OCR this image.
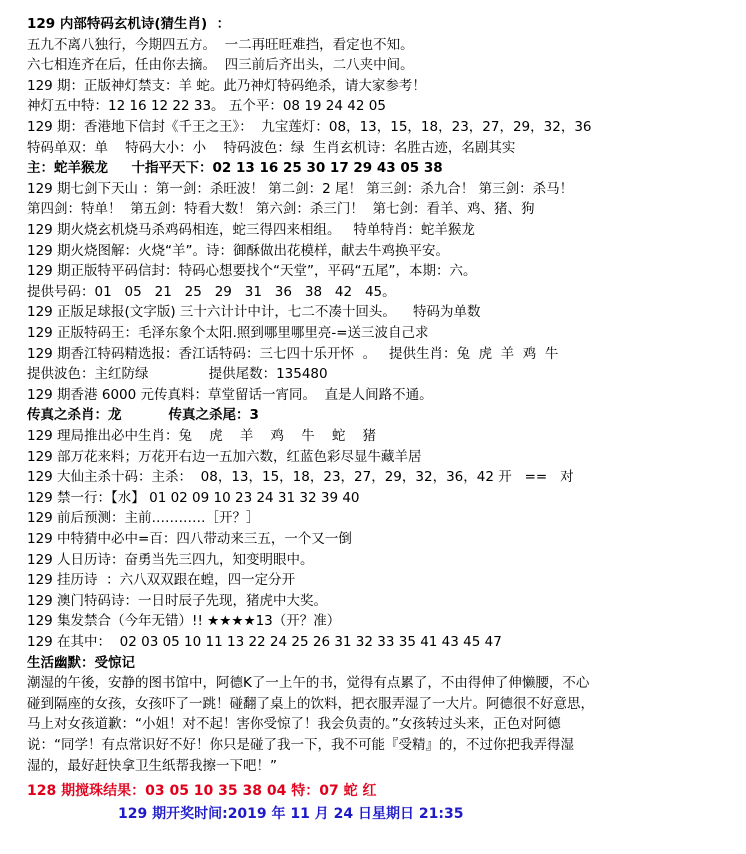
129 内部特码玄机诗(猜生肖)  ：
五九不离八独行，今期四五方。  一二再旺旺难挡，看定也不知。
六七相连齐在后，任由你去摘。  四三前后齐出头，二八夹中间。
129 期：正版神灯禁支：羊 蛇。此乃神灯特码绝杀，请大家参考！
神灯五中特：12 16 12 22 33。 五个平：08 19 24 42 05
129 期：香港地下信封《千王之王》：  九宝莲灯：08，13，15，18，23，27，29，32，36
特码单双：单    特码大小：小    特码波色：绿  生肖玄机诗：名胜古迹，名剧其实
主：蛇羊猴龙     十指平天下：02 13 16 25 30 17 29 43 05 38
129 期七剑下天山 ：第一剑：杀旺波！ 第二剑：2 尾！ 第三剑：杀九合！ 第三剑：杀马！
第四剑：特单！  第五剑：特看大数！ 第六剑：杀三门！  第七剑：看羊、鸡、猪、狗
129 期火烧玄机烧马杀鸡码相连，蛇三得四来相组。   特单特肖：蛇羊猴龙
129 期火烧图解：火烧“羊”。诗：御酥做出花模样，献去牛鸡换平安。
129 期正版特平码信封：特码心想要找个“天堂”，平码“五尾”，本期：六。
提供号码：01   05   21   25   29   31   36   38   42   45。
129 正版足球报(文字版) 三十六计计中计，七二不凑十回头。    特码为单数
129 正版特码王：毛泽东象个太阳.照到哪里哪里亮-=送三波自己求
129 期香江特码精选报：香江话特码：三七四十乐开怀  。   提供生肖：兔  虎  羊  鸡  牛
提供波色：主红防绿              提供尾数：135480
129 期香港 6000 元传真料：草堂留话一宵同。  直是人间路不通。
传真之杀肖：龙          传真之杀尾：3
129 理局推出必中生肖：兔    虎    羊    鸡    牛    蛇    猪
129 部万花来料；万花开右边一五加六数，红蓝色彩尽显牛藏羊居
129 大仙主杀十码：主杀：  08，13，15，18，23，27，29，32，36，42 开   ==   对
129 禁一行：【水】 01 02 09 10 23 24 31 32 39 40
129 前后预测：主前…………［开？］
129 中特猜中必中=百：四八带动来三五，一个又一倒
129 人日历诗：奋勇当先三四九，知变明眼中。
129 挂历诗  ：六八双双跟在蝗，四一定分开
129 澳门特码诗：一日时辰子先现，猪虎中大奖。
129 集发禁合（今年无错）!! ★★★★13（开？准）
129 在其中：  02 03 05 10 11 13 22 24 25 26 31 32 33 35 41 43 45 47
生活幽默：受惊记
潮湿的午後，安静的图书馆中，阿德K了一上午的书，觉得有点累了，不由得伸了伸懒腰，不心
碰到隔座的女孩，女孩吓了一跳！碰翻了桌上的饮料，把衣服弄湿了一大片。阿德很不好意思，
马上对女孩道歉：“小姐！对不起！害你受惊了！我会负责的。”女孩转过头来，正色对阿德
说：“同学！有点常识好不好！你只是碰了我一下，我不可能『受精』的，不过你把我弄得湿
湿的，最好赶快拿卫生纸帮我擦一下吧！”
128 期搅珠结果：03 05 10 35 38 04 特：07 蛇 红
129 期开奖时间:2019 年 11 月 24 日星期日 21:35
